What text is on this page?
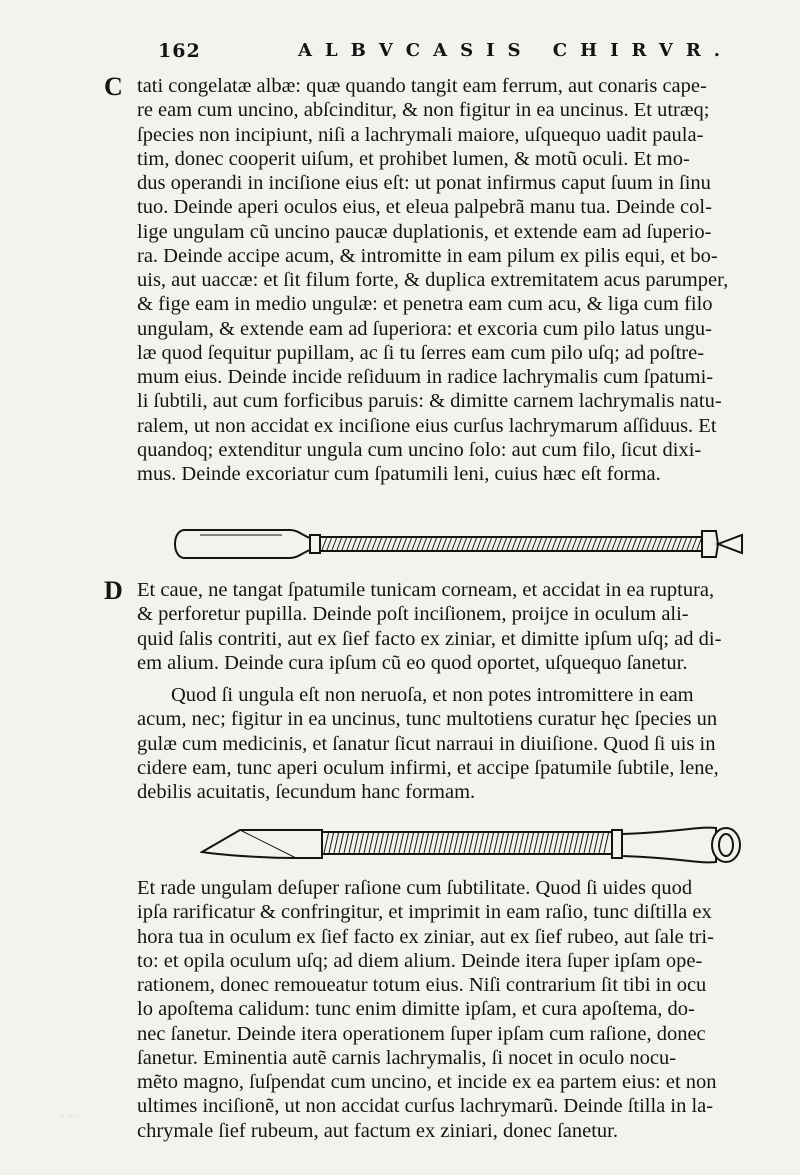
162	ALBVCASIS CHIRVR.
C
D
tati congelatæ albæ: quæ quando tangit eam ferrum, aut conaris cape-
re eam cum uncino, abſcinditur, & non figitur in ea uncinus. Et utræq;
ſpecies non incipiunt, niſi a lachrymali maiore, uſquequo uadit paula-
tim, donec cooperit uiſum, et prohibet lumen, & motũ oculi. Et mo-
dus operandi in inciſione eius eſt: ut ponat infirmus caput ſuum in ſinu
tuo. Deinde aperi oculos eius, et eleua palpebrã manu tua. Deinde col-
lige ungulam cũ uncino paucæ duplationis, et extende eam ad ſuperio-
ra. Deinde accipe acum, & intromitte in eam pilum ex pilis equi, et bo-
uis, aut uaccæ: et ſit filum forte, & duplica extremitatem acus parumper,
& fige eam in medio ungulæ: et penetra eam cum acu, & liga cum filo
ungulam, & extende eam ad ſuperiora: et excoria cum pilo latus ungu-
læ quod ſequitur pupillam, ac ſi tu ſerres eam cum pilo uſq; ad poſtre-
mum eius. Deinde incide reſiduum in radice lachrymalis cum ſpatumi-
li ſubtili, aut cum forficibus paruis: & dimitte carnem lachrymalis natu-
ralem, ut non accidat ex inciſione eius curſus lachrymarum aſſiduus. Et
quandoq; extenditur ungula cum uncino ſolo: aut cum filo, ſicut dixi-
mus. Deinde excoriatur cum ſpatumili leni, cuius hæc eſt forma.
Et caue, ne tangat ſpatumile tunicam corneam, et accidat in ea ruptura,
& perforetur pupilla. Deinde poſt inciſionem, proijce in oculum ali-
quid ſalis contriti, aut ex ſief facto ex ziniar, et dimitte ipſum uſq; ad di-
em alium. Deinde cura ipſum cũ eo quod oportet, uſquequo ſanetur.
Quod ſi ungula eſt non neruoſa, et non potes intromittere in eam
acum, nec; figitur in ea uncinus, tunc multotiens curatur hęc ſpecies un
gulæ cum medicinis, et ſanatur ſicut narraui in diuiſione. Quod ſi uis in
cidere eam, tunc aperi oculum infirmi, et accipe ſpatumile ſubtile, lene,
debilis acuitatis, ſecundum hanc formam.
Et rade ungulam deſuper raſione cum ſubtilitate. Quod ſi uides quod
ipſa rarificatur & confringitur, et imprimit in eam raſio, tunc diſtilla ex
hora tua in oculum ex ſief facto ex ziniar, aut ex ſief rubeo, aut ſale tri-
to: et opila oculum uſq; ad diem alium. Deinde itera ſuper ipſam ope-
rationem, donec remoueatur totum eius. Niſi contrarium ſit tibi in ocu
lo apoſtema calidum: tunc enim dimitte ipſam, et cura apoſtema, do-
nec ſanetur. Deinde itera operationem ſuper ipſam cum raſione, donec
ſanetur. Eminentia autẽ carnis lachrymalis, ſi nocet in oculo nocu-
mẽto magno, ſuſpendat cum uncino, et incide ex ea partem eius: et non
ultimes inciſionẽ, ut non accidat curſus lachrymarũ. Deinde ſtilla in la-
chrymale ſief rubeum, aut factum ex ziniari, donec ſanetur.
· · ·
